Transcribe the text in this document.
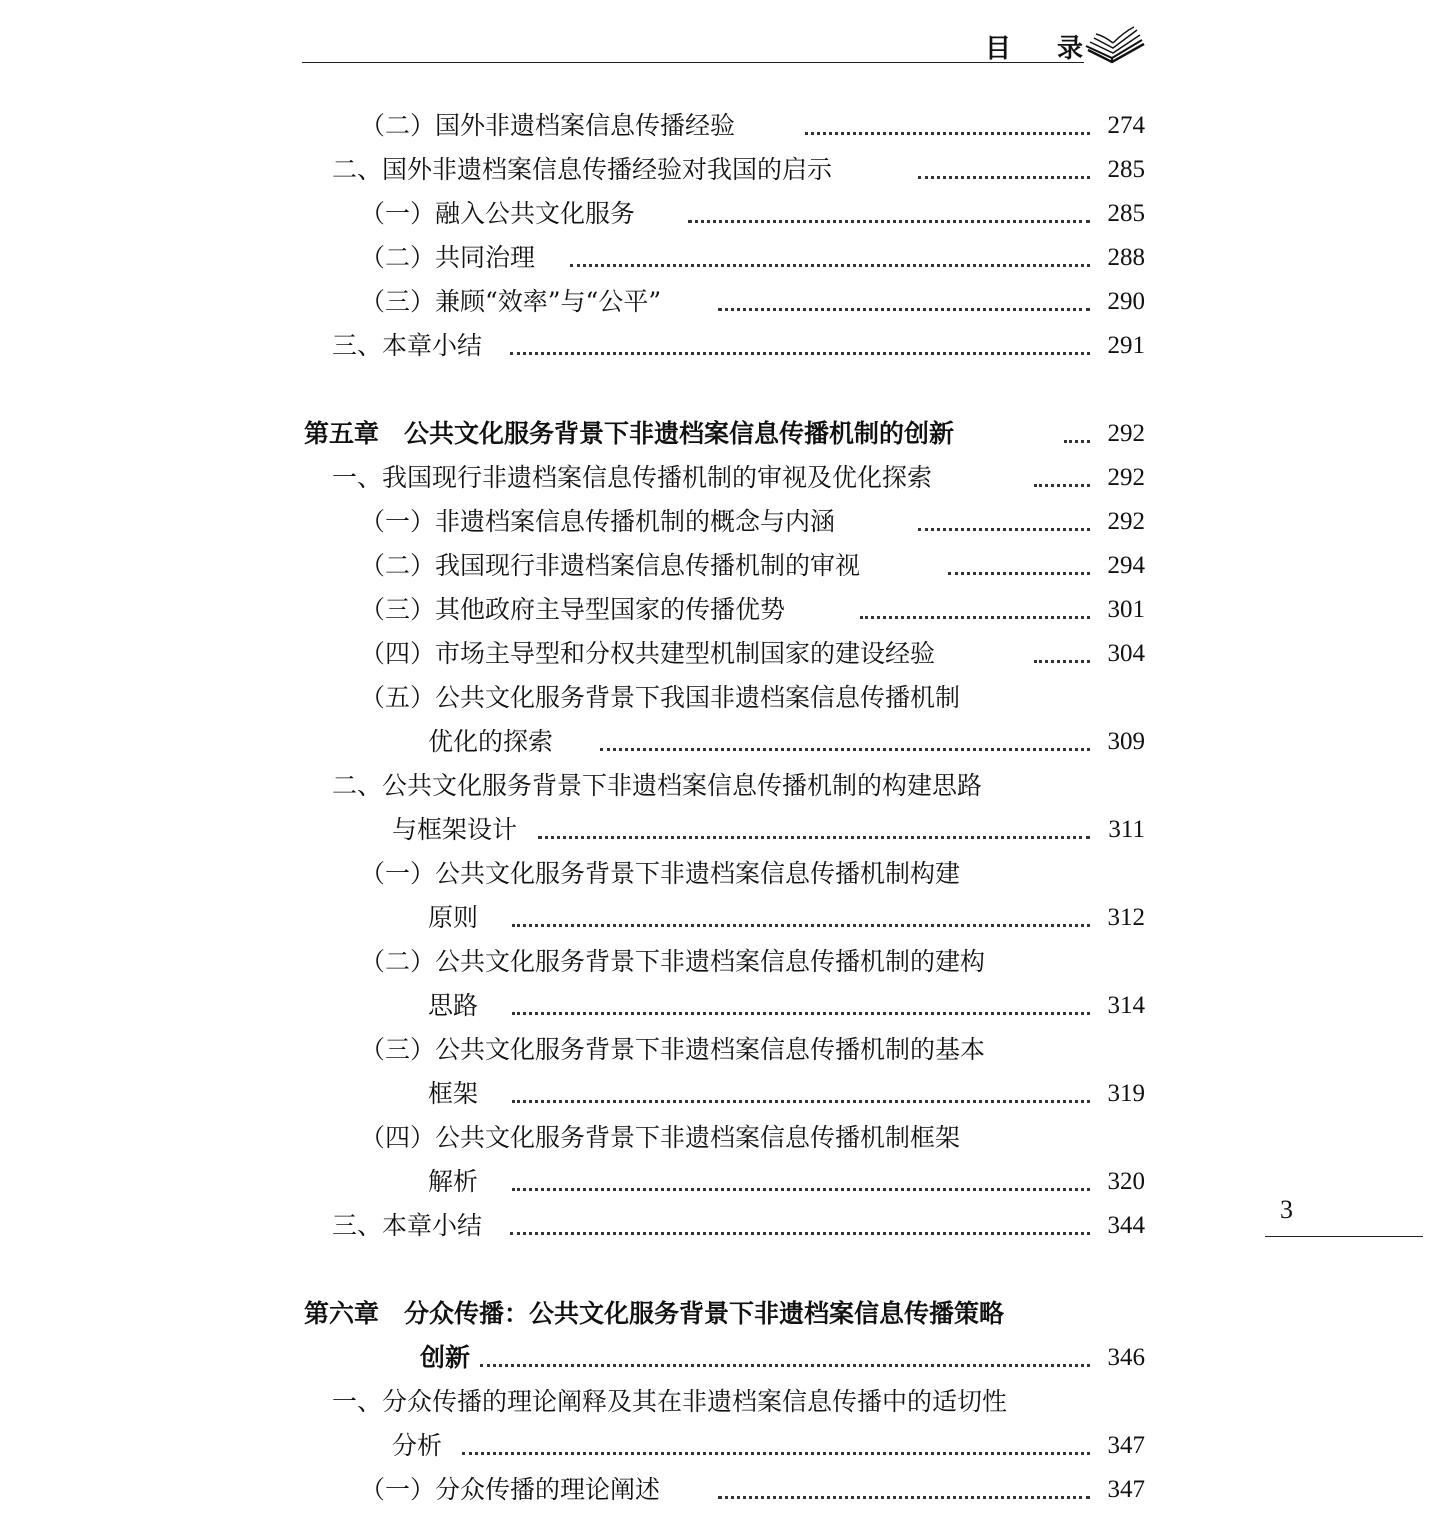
目录
（二）国外非遗档案信息传播经验	274
二、国外非遗档案信息传播经验对我国的启示	285
（一）融入公共文化服务	285
（二）共同治理	288
（三）兼顾“效率”与“公平”	290
三、本章小结	291
第五章　公共文化服务背景下非遗档案信息传播机制的创新	292
一、我国现行非遗档案信息传播机制的审视及优化探索	292
（一）非遗档案信息传播机制的概念与内涵	292
（二）我国现行非遗档案信息传播机制的审视	294
（三）其他政府主导型国家的传播优势	301
（四）市场主导型和分权共建型机制国家的建设经验	304
（五）公共文化服务背景下我国非遗档案信息传播机制
优化的探索	309
二、公共文化服务背景下非遗档案信息传播机制的构建思路
与框架设计	311
（一）公共文化服务背景下非遗档案信息传播机制构建
原则	312
（二）公共文化服务背景下非遗档案信息传播机制的建构
思路	314
（三）公共文化服务背景下非遗档案信息传播机制的基本
框架	319
（四）公共文化服务背景下非遗档案信息传播机制框架
解析	320
三、本章小结	344
第六章　分众传播：公共文化服务背景下非遗档案信息传播策略
创新	346
一、分众传播的理论阐释及其在非遗档案信息传播中的适切性
分析	347
（一）分众传播的理论阐述	347
3
